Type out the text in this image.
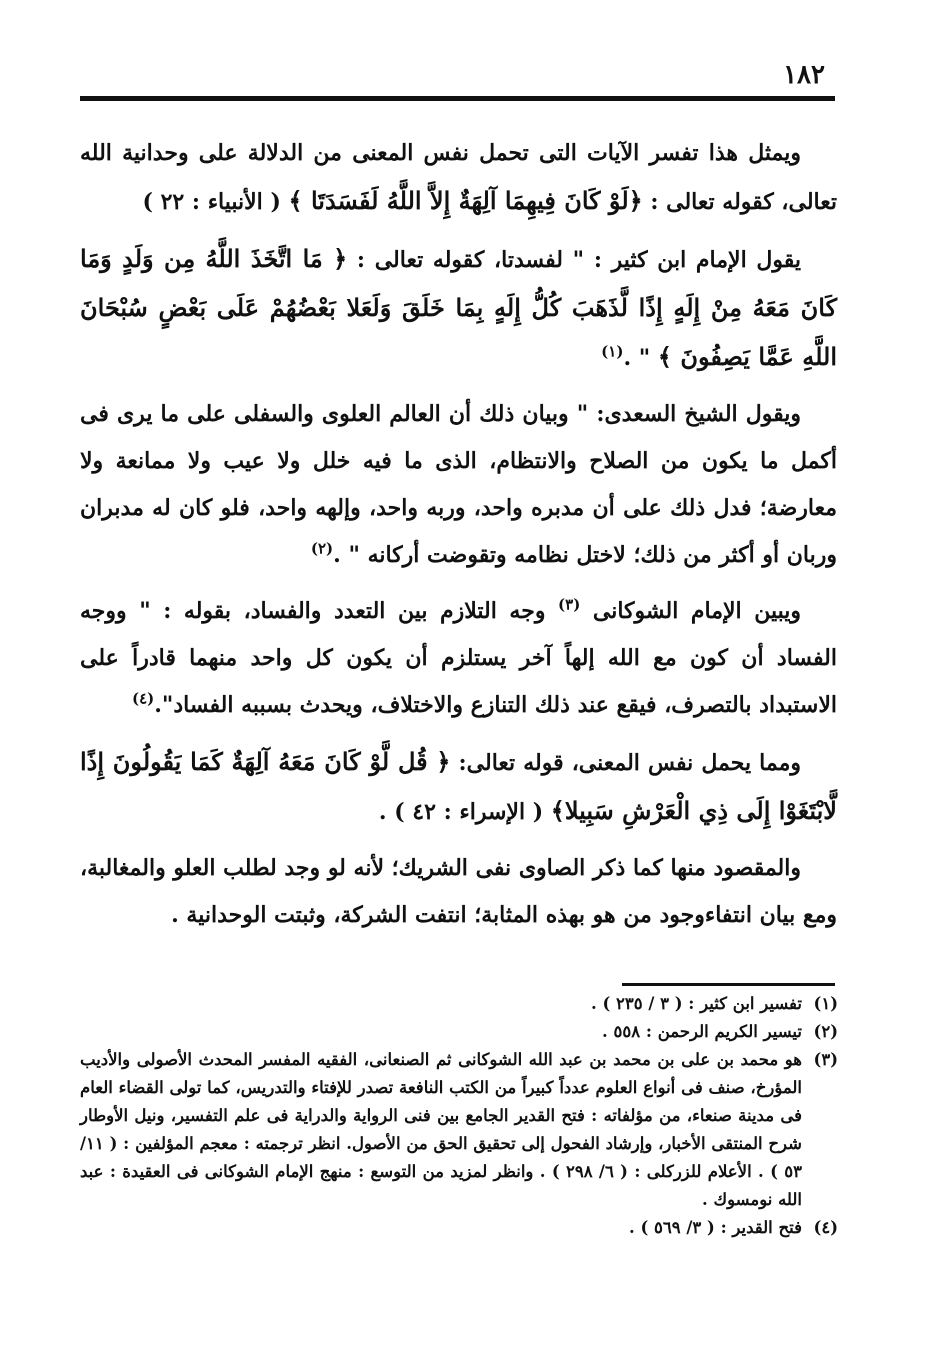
١٨٢

ويمثل هذا تفسر الآيات التى تحمل نفس المعنى من الدلالة على وحدانية الله تعالى، كقوله تعالى : ﴿لَوْ كَانَ فِيهِمَا آلِهَةٌ إِلاَّ اللَّهُ لَفَسَدَتَا ﴾ ( الأنبياء : ٢٢ )

يقول الإمام ابن كثير : " لفسدتا، كقوله تعالى : ﴿ مَا اتَّخَذَ اللَّهُ مِن وَلَدٍ وَمَا كَانَ مَعَهُ مِنْ إِلَهٍ إِذًا لَّذَهَبَ كُلُّ إِلَهٍ بِمَا خَلَقَ وَلَعَلا بَعْضُهُمْ عَلَى بَعْضٍ سُبْحَانَ اللَّهِ عَمَّا يَصِفُونَ ﴾ " .$^{(١)}$

ويقول الشيخ السعدى: " وبيان ذلك أن العالم العلوى والسفلى على ما يرى فى أكمل ما يكون من الصلاح والانتظام، الذى ما فيه خلل ولا عيب ولا ممانعة ولا معارضة؛ فدل ذلك على أن مدبره واحد، وربه واحد، وإلهه واحد، فلو كان له مدبران وربان أو أكثر من ذلك؛ لاختل نظامه وتقوضت أركانه " .$^{(٢)}$

ويبين الإمام الشوكانى $^{(٣)}$ وجه التلازم بين التعدد والفساد، بقوله : " ووجه الفساد أن كون مع الله إلهاً آخر يستلزم أن يكون كل واحد منهما قادراً على الاستبداد بالتصرف، فيقع عند ذلك التنازع والاختلاف، ويحدث بسببه الفساد".$^{(٤)}$

ومما يحمل نفس المعنى، قوله تعالى: ﴿ قُل لَّوْ كَانَ مَعَهُ آلِهَةٌ كَمَا يَقُولُونَ إِذًا لَّابْتَغَوْا إِلَى ذِي الْعَرْشِ سَبِيلا﴾ ( الإسراء : ٤٢ ) .

والمقصود منها كما ذكر الصاوى نفى الشريك؛ لأنه لو وجد لطلب العلو والمغالبة، ومع بيان انتفاءوجود من هو بهذه المثابة؛ انتفت الشركة، وثبتت الوحدانية .

(١)تفسير ابن كثير : ( ٣ / ٢٣٥ ) .

(٢)تيسير الكريم الرحمن : ٥٥٨ .

(٣)هو محمد بن على بن محمد بن عبد الله الشوكانى ثم الصنعانى، الفقيه المفسر المحدث الأصولى والأديب المؤرخ، صنف فى أنواع العلوم عدداً كبيراً من الكتب النافعة تصدر للإفتاء والتدريس، كما تولى القضاء العام فى مدينة صنعاء، من مؤلفاته : فتح القدير الجامع بين فنى الرواية والدراية فى علم التفسير، ونيل الأوطار شرح المنتقى الأخبار، وإرشاد الفحول إلى تحقيق الحق من الأصول. انظر ترجمته : معجم المؤلفين : ( ١١/ ٥٣ ) . الأعلام للزركلى : ( ٦/ ٢٩٨ ) . وانظر لمزيد من التوسع : منهج الإمام الشوكانى فى العقيدة : عبد الله نومسوك .

(٤)فتح القدير : ( ٣/ ٥٦٩ ) .
